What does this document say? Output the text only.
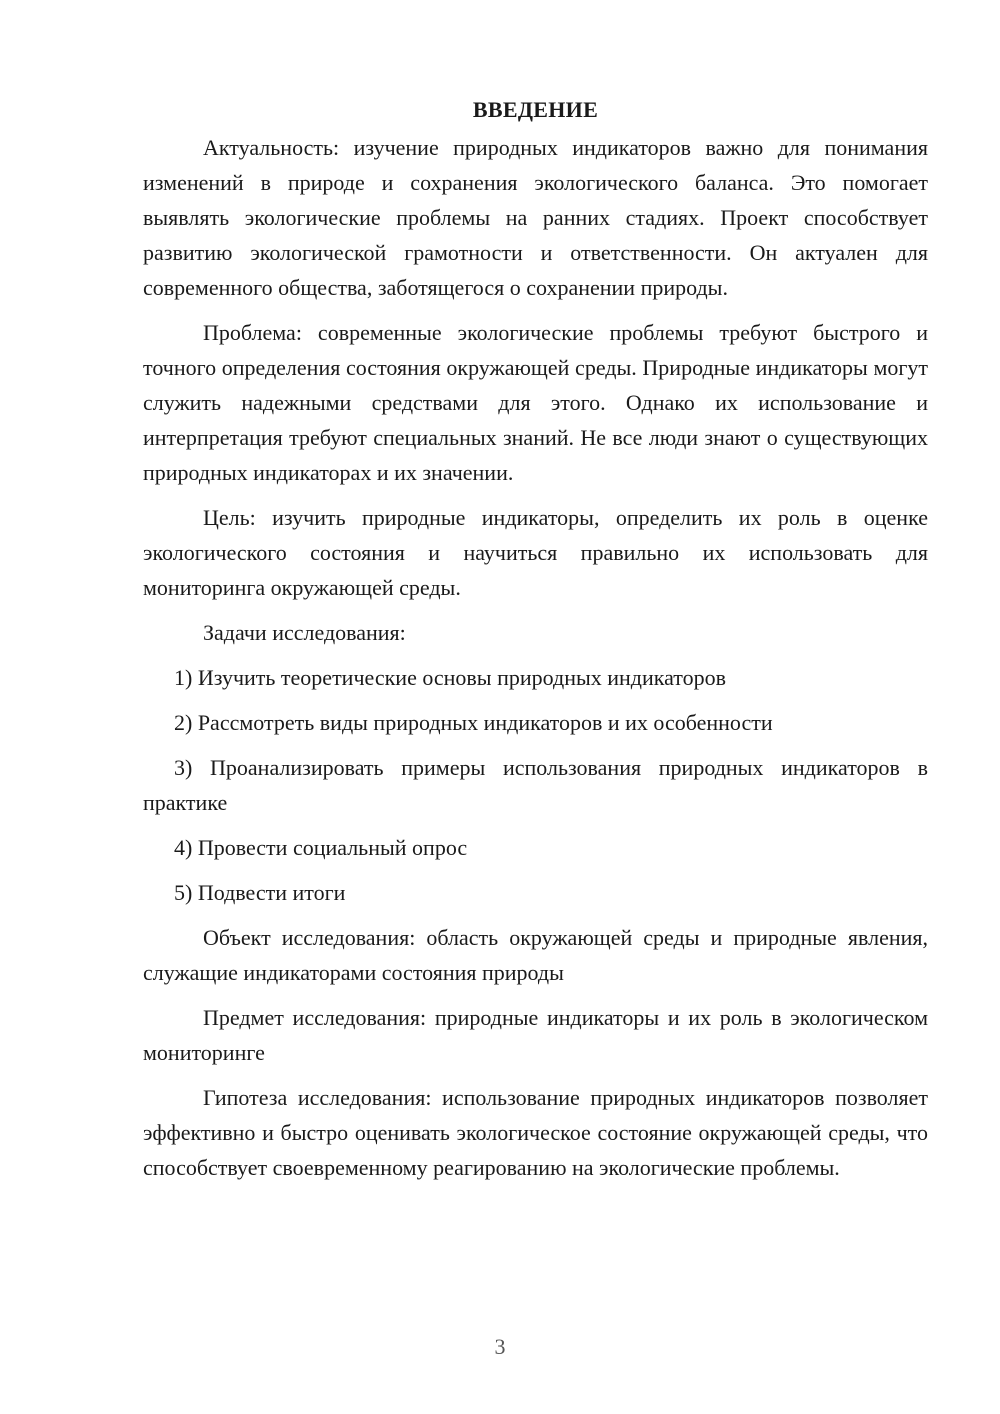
ВВЕДЕНИЕ

Актуальность: изучение природных индикаторов важно для понимания изменений в природе и сохранения экологического баланса. Это помогает выявлять экологические проблемы на ранних стадиях. Проект способствует развитию экологической грамотности и ответственности. Он актуален для современного общества, заботящегося о сохранении природы.

Проблема: современные экологические проблемы требуют быстрого и точного определения состояния окружающей среды. Природные индикаторы могут служить надежными средствами для этого. Однако их использование и интерпретация требуют специальных знаний. Не все люди знают о существующих природных индикаторах и их значении.

Цель: изучить природные индикаторы, определить их роль в оценке экологического состояния и научиться правильно их использовать для мониторинга окружающей среды.

Задачи исследования:

1) Изучить теоретические основы природных индикаторов

2) Рассмотреть виды природных индикаторов и их особенности

3) Проанализировать примеры использования природных индикаторов в практике

4) Провести социальный опрос

5) Подвести итоги

Объект исследования: область окружающей среды и природные явления, служащие индикаторами состояния природы

Предмет исследования: природные индикаторы и их роль в экологическом мониторинге

Гипотеза исследования: использование природных индикаторов позволяет эффективно и быстро оценивать экологическое состояние окружающей среды, что способствует своевременному реагированию на экологические проблемы.

3
